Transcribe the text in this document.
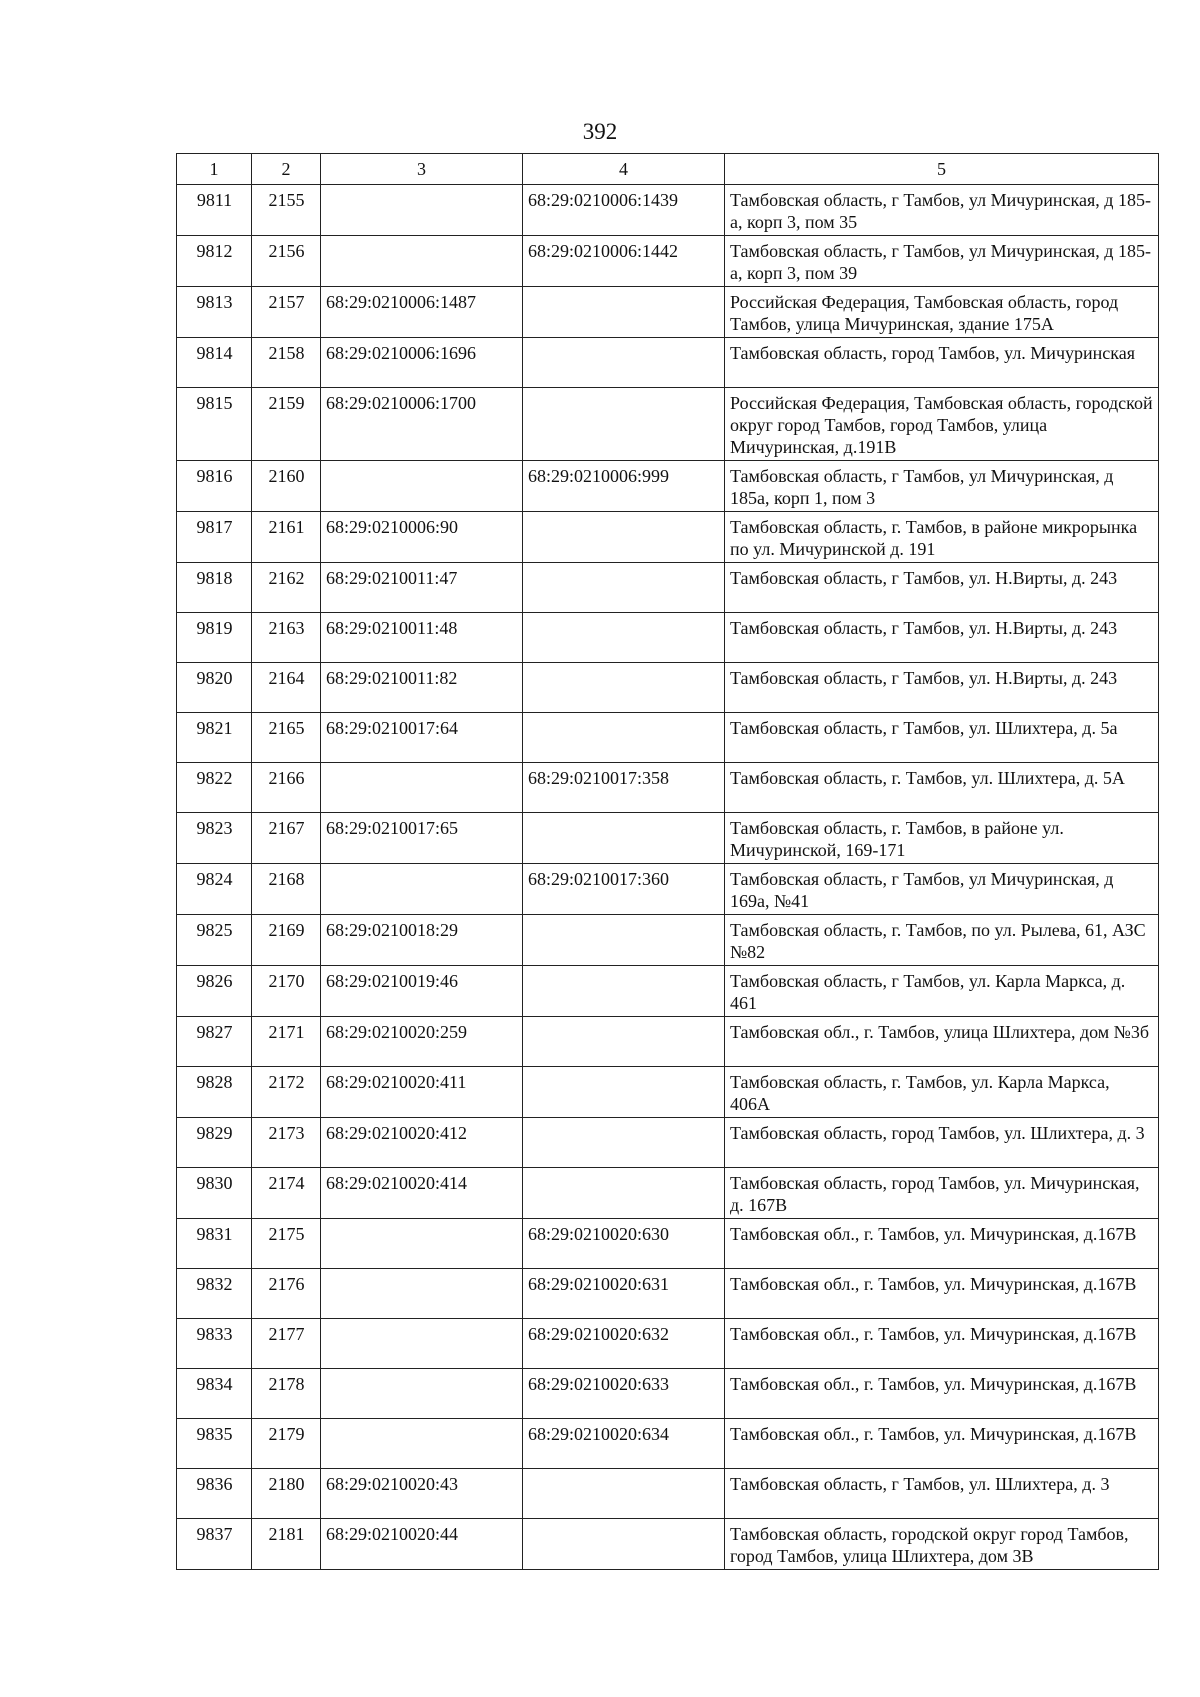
392
1	2	3	4	5
9811	2155		68:29:0210006:1439	Тамбовская область, г Тамбов, ул Мичуринская, д 185-а, корп 3, пом 35
9812	2156		68:29:0210006:1442	Тамбовская область, г Тамбов, ул Мичуринская, д 185-а, корп 3, пом 39
9813	2157	68:29:0210006:1487		Российская Федерация, Тамбовская область, город Тамбов, улица Мичуринская, здание 175А
9814	2158	68:29:0210006:1696		Тамбовская область, город Тамбов, ул. Мичуринская
9815	2159	68:29:0210006:1700		Российская Федерация, Тамбовская область, городской округ город Тамбов, город Тамбов, улица Мичуринская, д.191В
9816	2160		68:29:0210006:999	Тамбовская область, г Тамбов, ул Мичуринская, д 185а, корп 1, пом 3
9817	2161	68:29:0210006:90		Тамбовская область, г. Тамбов, в районе микрорынка по ул. Мичуринской д. 191
9818	2162	68:29:0210011:47		Тамбовская область, г Тамбов, ул. Н.Вирты, д. 243
9819	2163	68:29:0210011:48		Тамбовская область, г Тамбов, ул. Н.Вирты, д. 243
9820	2164	68:29:0210011:82		Тамбовская область, г Тамбов, ул. Н.Вирты, д. 243
9821	2165	68:29:0210017:64		Тамбовская область, г Тамбов, ул. Шлихтера, д. 5а
9822	2166		68:29:0210017:358	Тамбовская область, г. Тамбов, ул. Шлихтера, д. 5А
9823	2167	68:29:0210017:65		Тамбовская область, г. Тамбов, в районе ул. Мичуринской, 169-171
9824	2168		68:29:0210017:360	Тамбовская область, г Тамбов, ул Мичуринская, д 169а, №41
9825	2169	68:29:0210018:29		Тамбовская область, г. Тамбов, по ул. Рылева, 61, АЗС №82
9826	2170	68:29:0210019:46		Тамбовская область, г Тамбов, ул. Карла Маркса, д. 461
9827	2171	68:29:0210020:259		Тамбовская обл., г. Тамбов, улица Шлихтера, дом №3б
9828	2172	68:29:0210020:411		Тамбовская область, г. Тамбов, ул. Карла Маркса, 406А
9829	2173	68:29:0210020:412		Тамбовская область, город Тамбов, ул. Шлихтера, д. 3
9830	2174	68:29:0210020:414		Тамбовская область, город Тамбов, ул. Мичуринская, д. 167В
9831	2175		68:29:0210020:630	Тамбовская обл., г. Тамбов, ул. Мичуринская, д.167В
9832	2176		68:29:0210020:631	Тамбовская обл., г. Тамбов, ул. Мичуринская, д.167В
9833	2177		68:29:0210020:632	Тамбовская обл., г. Тамбов, ул. Мичуринская, д.167В
9834	2178		68:29:0210020:633	Тамбовская обл., г. Тамбов, ул. Мичуринская, д.167В
9835	2179		68:29:0210020:634	Тамбовская обл., г. Тамбов, ул. Мичуринская, д.167В
9836	2180	68:29:0210020:43		Тамбовская область, г Тамбов, ул. Шлихтера, д. 3
9837	2181	68:29:0210020:44		Тамбовская область, городской округ город Тамбов, город Тамбов, улица Шлихтера, дом 3В
